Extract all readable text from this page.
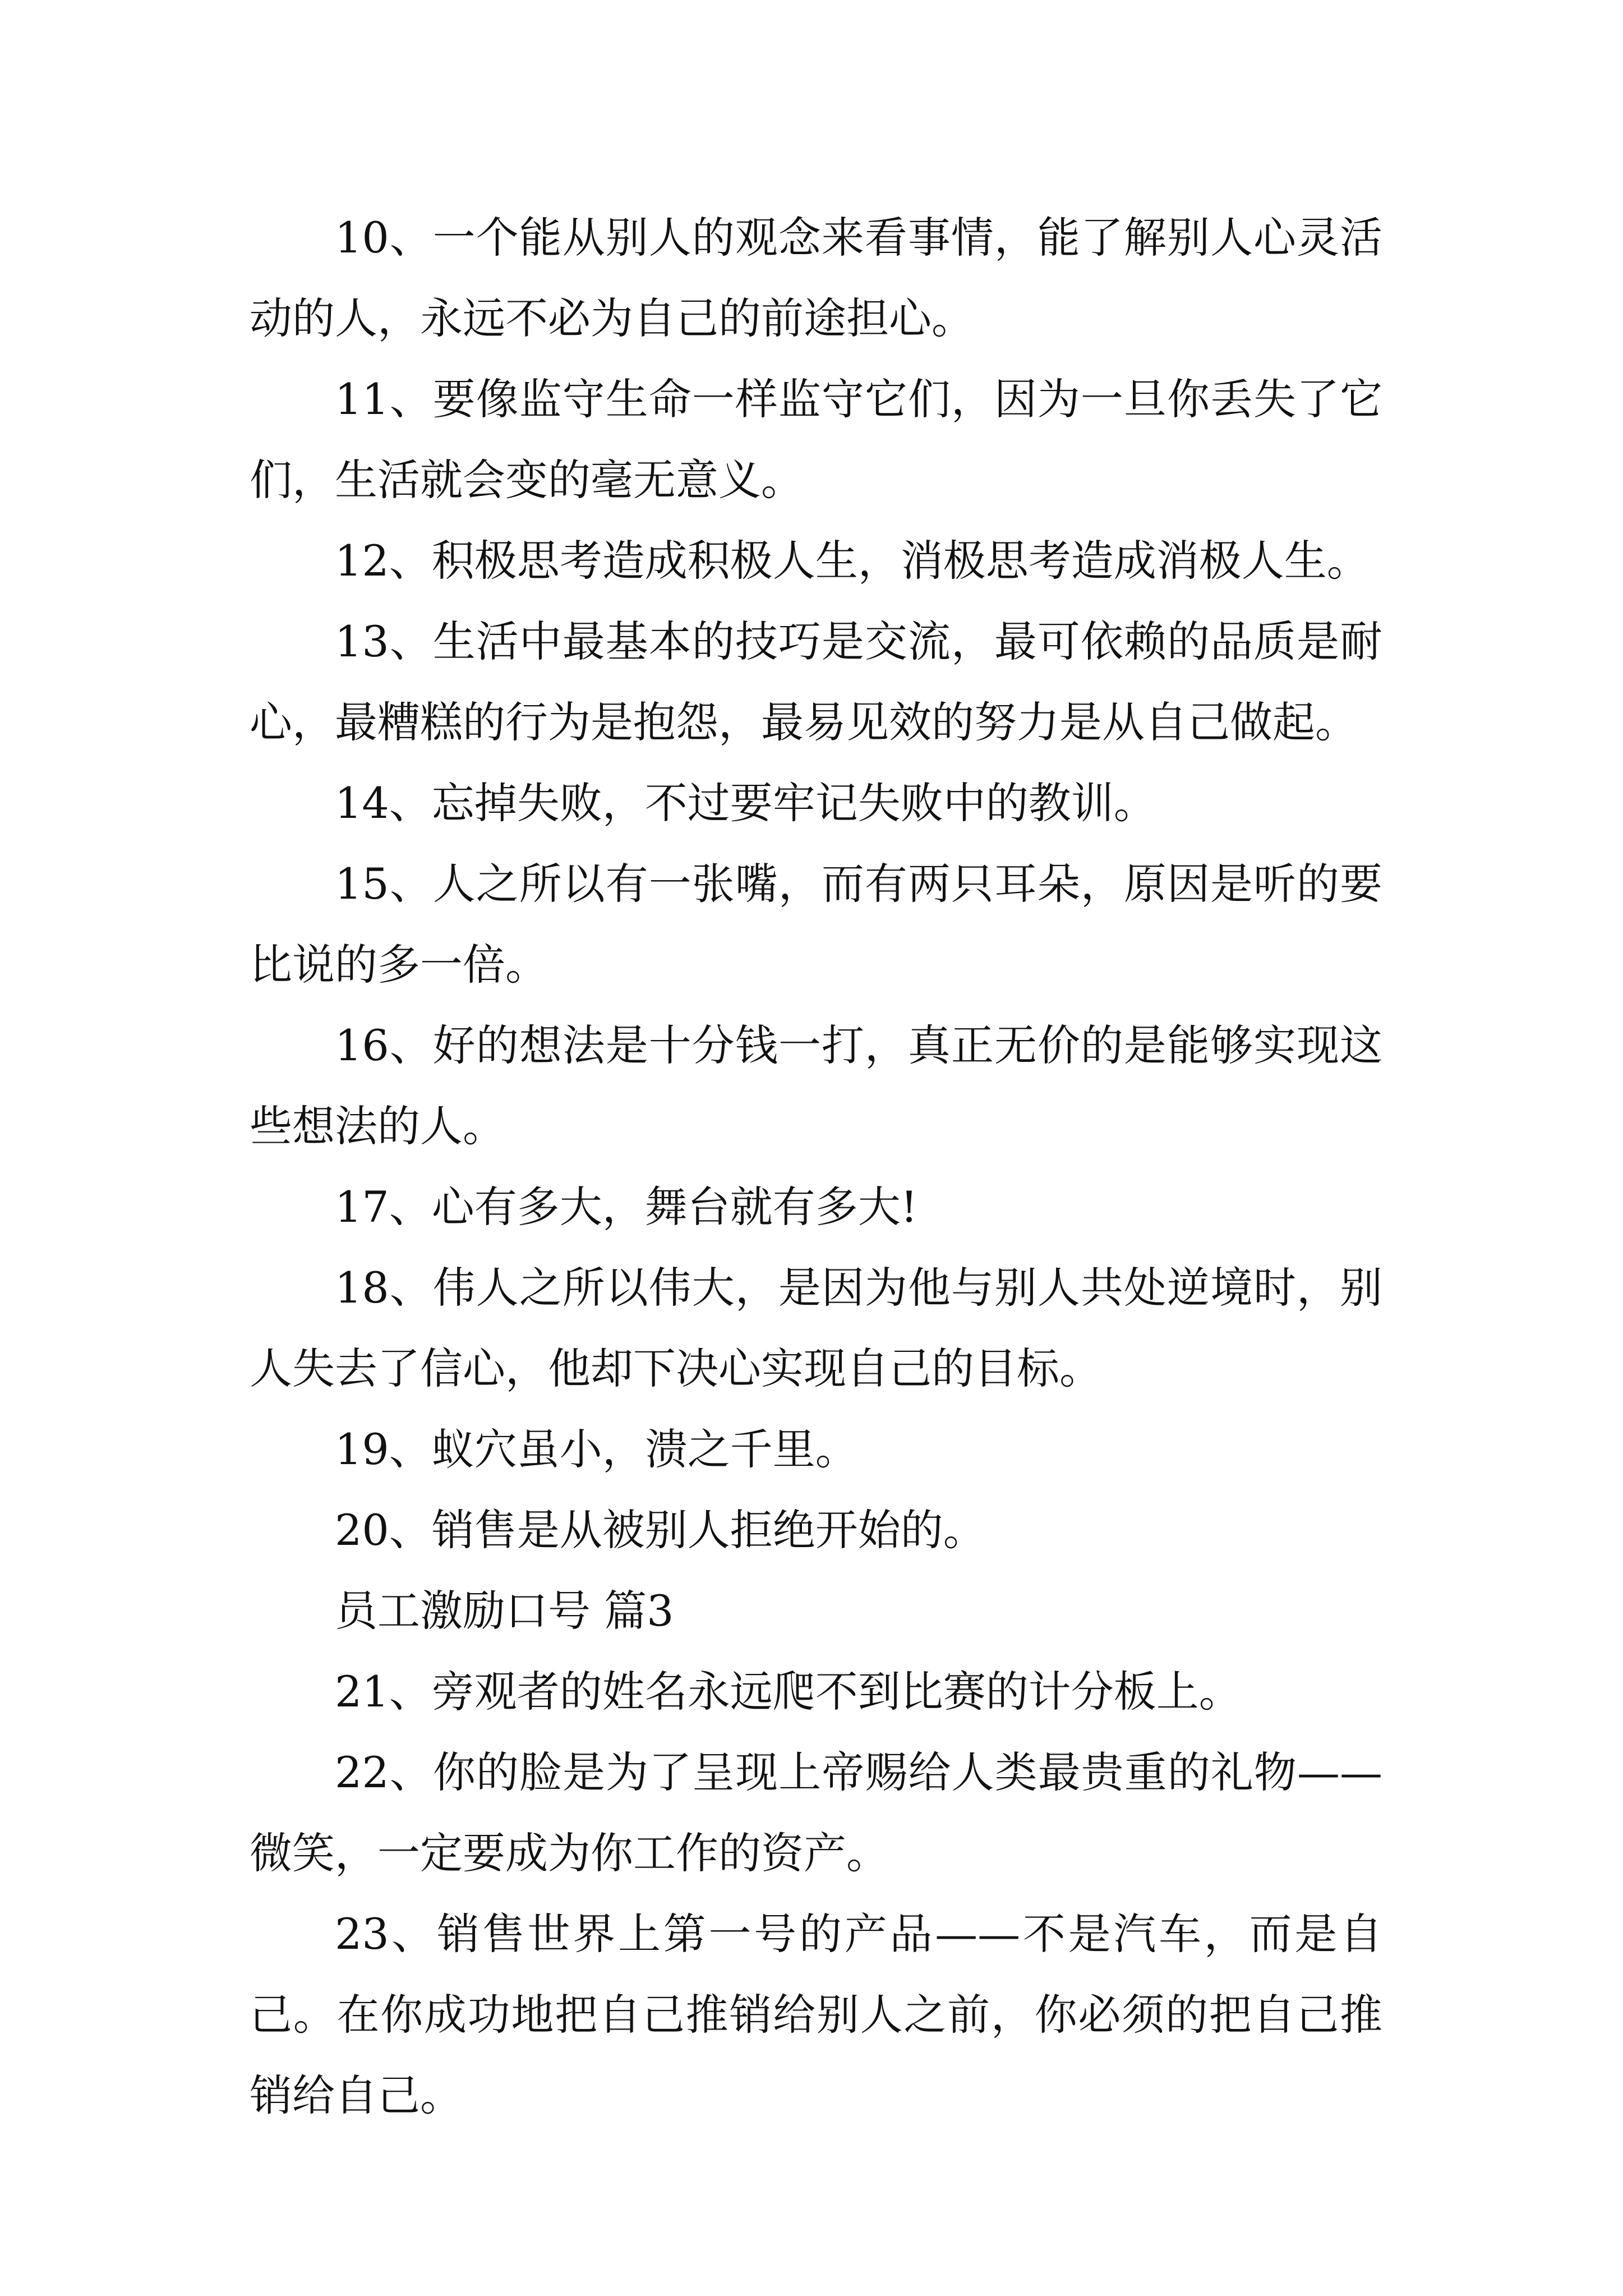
10、一个能从别人的观念来看事情，能了解别人心灵活动的人，永远不必为自己的前途担心。

11、要像监守生命一样监守它们，因为一旦你丢失了它们，生活就会变的毫无意义。

12、积极思考造成积极人生，消极思考造成消极人生。

13、生活中最基本的技巧是交流，最可依赖的品质是耐心，最糟糕的行为是抱怨，最易见效的努力是从自己做起。

14、忘掉失败，不过要牢记失败中的教训。

15、人之所以有一张嘴，而有两只耳朵，原因是听的要比说的多一倍。

16、好的想法是十分钱一打，真正无价的是能够实现这些想法的人。

17、心有多大，舞台就有多大!

18、伟人之所以伟大，是因为他与别人共处逆境时，别人失去了信心，他却下决心实现自己的目标。

19、蚁穴虽小，溃之千里。

20、销售是从被别人拒绝开始的。

员工激励口号 篇3

21、旁观者的姓名永远爬不到比赛的计分板上。

22、你的脸是为了呈现上帝赐给人类最贵重的礼物——微笑，一定要成为你工作的资产。

23、销售世界上第一号的产品——不是汽车，而是自己。在你成功地把自己推销给别人之前，你必须的把自己推销给自己。
